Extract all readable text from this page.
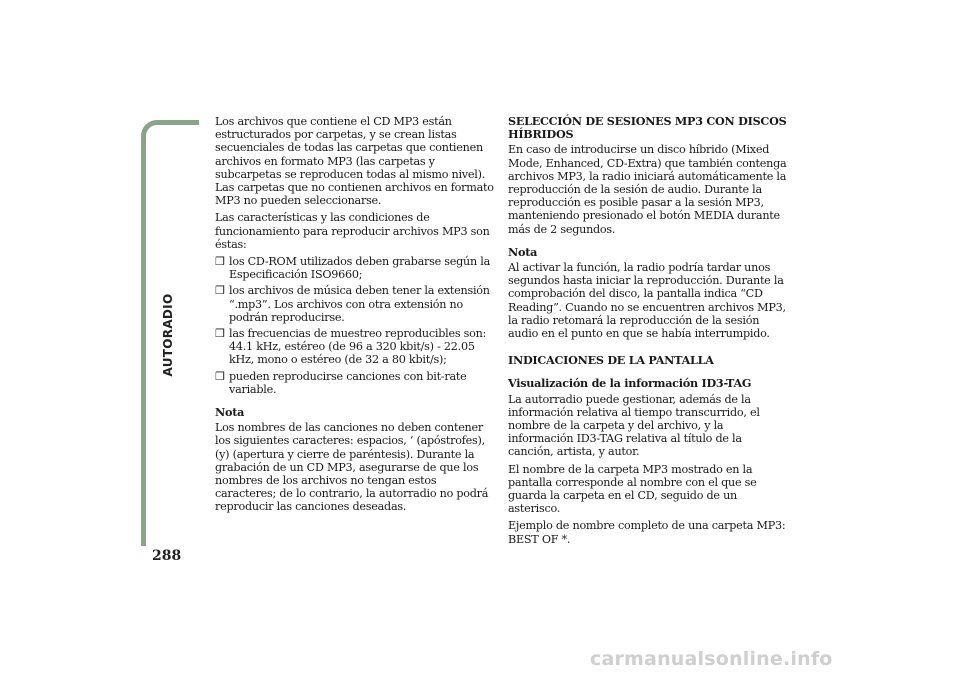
AUTORADIO
288

Los archivos que contiene el CD MP3 están estructurados por carpetas, y se crean listas secuenciales de todas las carpetas que contienen archivos en formato MP3 (las carpetas y subcarpetas se reproducen todas al mismo nivel). Las carpetas que no contienen archivos en formato MP3 no pueden seleccionarse.

Las características y las condiciones de funcionamiento para reproducir archivos MP3 son éstas:

❒ los CD-ROM utilizados deben grabarse según la Especificación ISO9660;
❒ los archivos de música deben tener la extensión “.mp3”. Los archivos con otra extensión no podrán reproducirse.
❒ las frecuencias de muestreo reproducibles son: 44.1 kHz, estéreo (de 96 a 320 kbit/s) - 22.05 kHz, mono o estéreo (de 32 a 80 kbit/s);
❒ pueden reproducirse canciones con bit-rate variable.

Nota

Los nombres de las canciones no deben contener los siguientes caracteres: espacios, ‘ (apóstrofes), (y) (apertura y cierre de paréntesis). Durante la grabación de un CD MP3, asegurarse de que los nombres de los archivos no tengan estos caracteres; de lo contrario, la autorradio no podrá reproducir las canciones deseadas.

SELECCIÓN DE SESIONES MP3 CON DISCOS HÍBRIDOS

En caso de introducirse un disco híbrido (Mixed Mode, Enhanced, CD-Extra) que también contenga archivos MP3, la radio iniciará automáticamente la reproducción de la sesión de audio. Durante la reproducción es posible pasar a la sesión MP3, manteniendo presionado el botón MEDIA durante más de 2 segundos.

Nota

Al activar la función, la radio podría tardar unos segundos hasta iniciar la reproducción. Durante la comprobación del disco, la pantalla indica “CD Reading”. Cuando no se encuentren archivos MP3, la radio retomará la reproducción de la sesión audio en el punto en que se había interrumpido.

INDICACIONES DE LA PANTALLA

Visualización de la información ID3-TAG

La autorradio puede gestionar, además de la información relativa al tiempo transcurrido, el nombre de la carpeta y del archivo, y la información ID3-TAG relativa al título de la canción, artista, y autor.

El nombre de la carpeta MP3 mostrado en la pantalla corresponde al nombre con el que se guarda la carpeta en el CD, seguido de un asterisco.

Ejemplo de nombre completo de una carpeta MP3: BEST OF *.

carmanualsonline.info
